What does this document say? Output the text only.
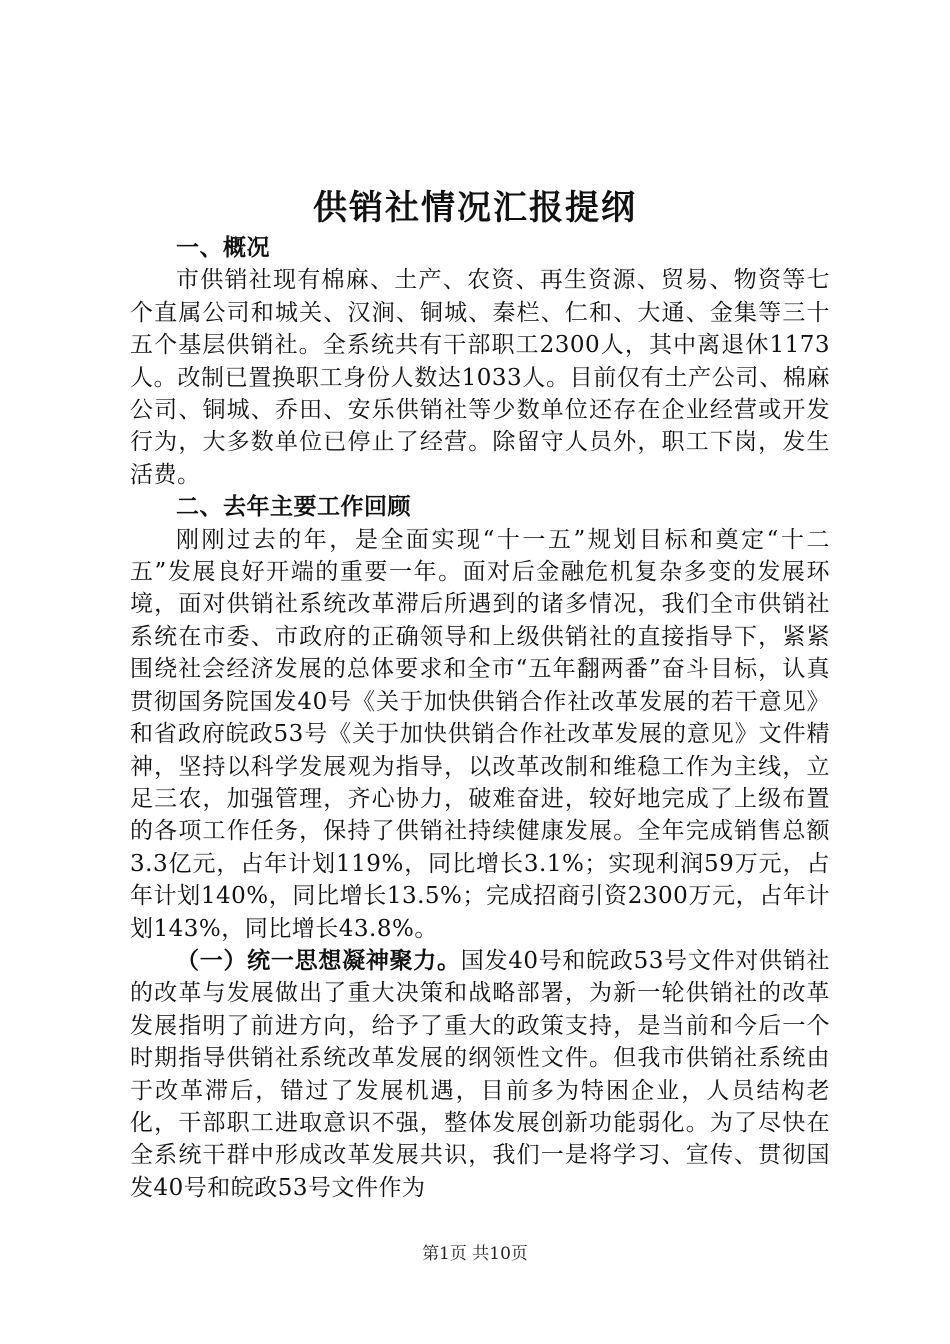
供销社情况汇报提纲

一、概况

市供销社现有棉麻、土产、农资、再生资源、贸易、物资等七个直属公司和城关、汉涧、铜城、秦栏、仁和、大通、金集等三十五个基层供销社。全系统共有干部职工2300人，其中离退休1173人。改制已置换职工身份人数达1033人。目前仅有土产公司、棉麻公司、铜城、乔田、安乐供销社等少数单位还存在企业经营或开发行为，大多数单位已停止了经营。除留守人员外，职工下岗，发生活费。

二、去年主要工作回顾

刚刚过去的年，是全面实现“十一五”规划目标和奠定“十二五”发展良好开端的重要一年。面对后金融危机复杂多变的发展环境，面对供销社系统改革滞后所遇到的诸多情况，我们全市供销社系统在市委、市政府的正确领导和上级供销社的直接指导下，紧紧围绕社会经济发展的总体要求和全市“五年翻两番”奋斗目标，认真贯彻国务院国发40号《关于加快供销合作社改革发展的若干意见》和省政府皖政53号《关于加快供销合作社改革发展的意见》文件精神，坚持以科学发展观为指导，以改革改制和维稳工作为主线，立足三农，加强管理，齐心协力，破难奋进，较好地完成了上级布置的各项工作任务，保持了供销社持续健康发展。全年完成销售总额3.3亿元，占年计划119%，同比增长3.1%；实现利润59万元，占年计划140%，同比增长13.5%；完成招商引资2300万元，占年计划143%，同比增长43.8%。

（一）统一思想凝神聚力。国发40号和皖政53号文件对供销社的改革与发展做出了重大决策和战略部署，为新一轮供销社的改革发展指明了前进方向，给予了重大的政策支持，是当前和今后一个时期指导供销社系统改革发展的纲领性文件。但我市供销社系统由于改革滞后，错过了发展机遇，目前多为特困企业，人员结构老化，干部职工进取意识不强，整体发展创新功能弱化。为了尽快在全系统干群中形成改革发展共识，我们一是将学习、宣传、贯彻国发40号和皖政53号文件作为

第1页 共10页
